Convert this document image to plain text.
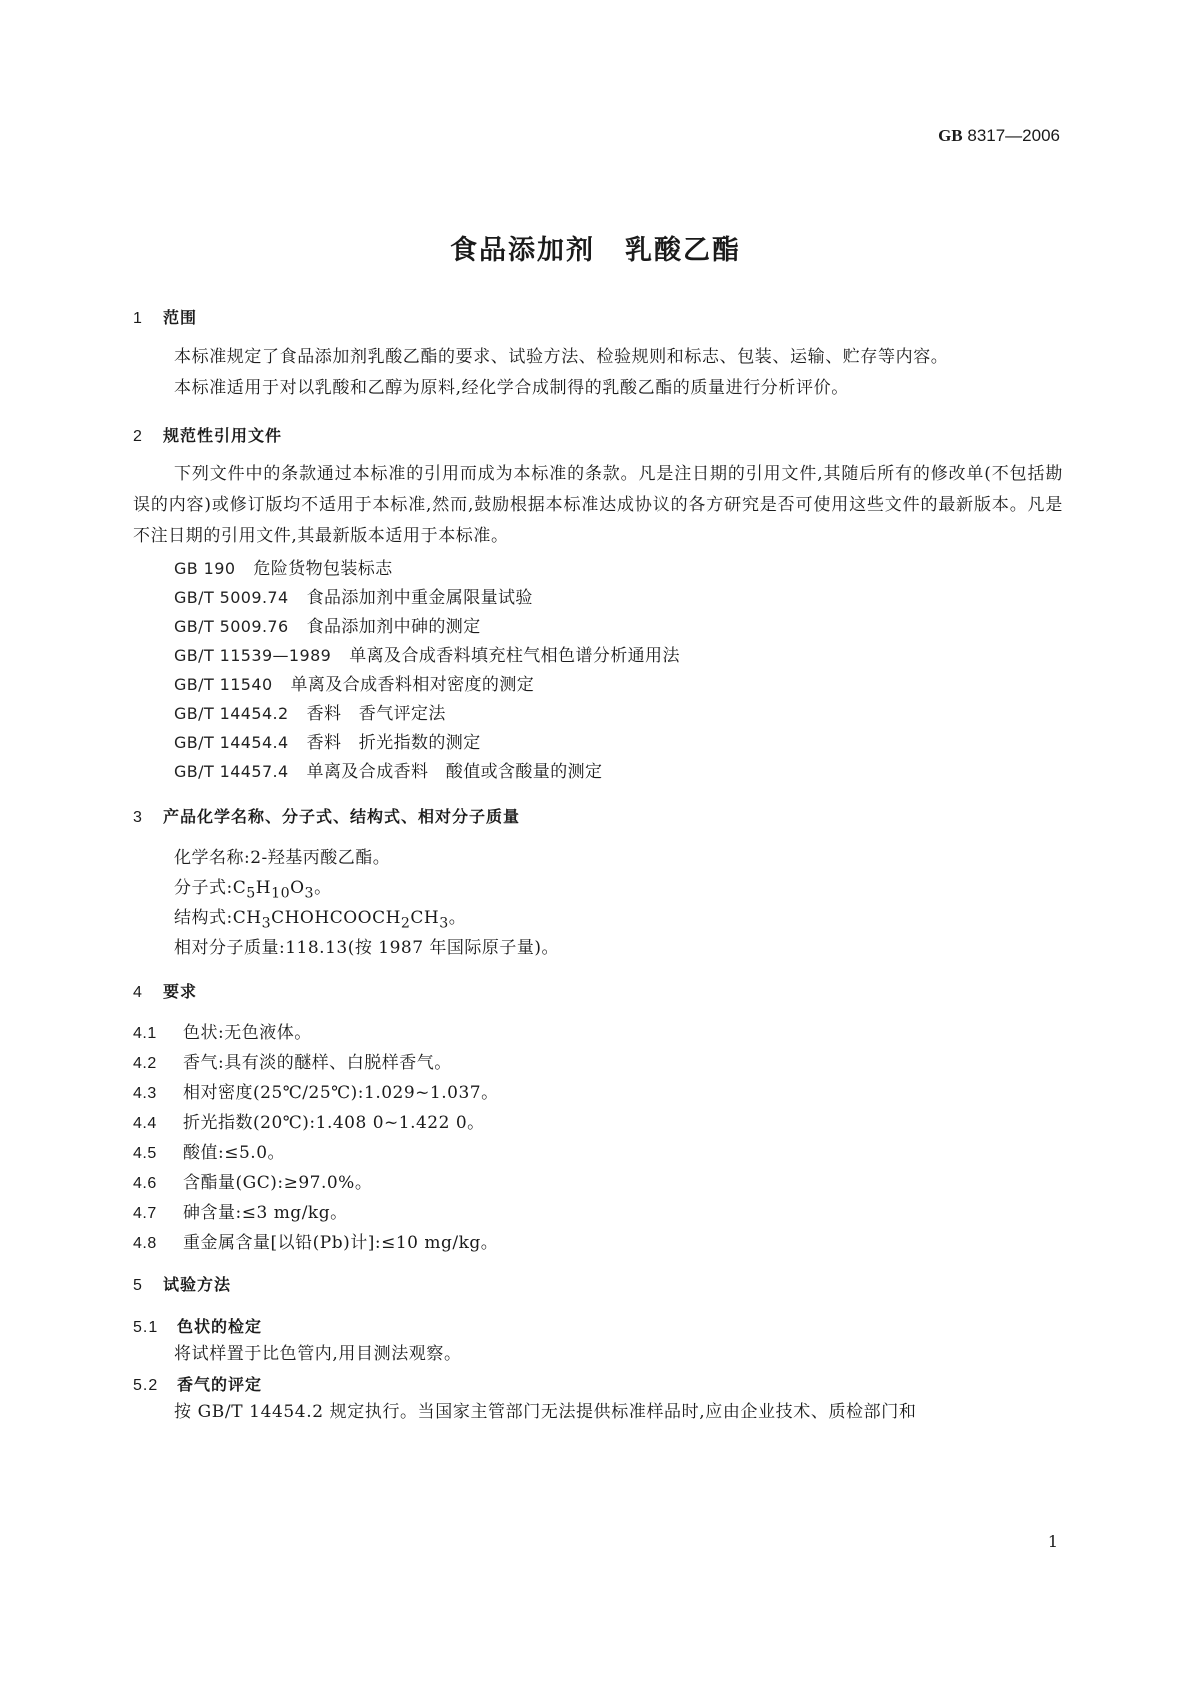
GB 8317—2006
食品添加剂 乳酸乙酯
1 范围
本标准规定了食品添加剂乳酸乙酯的要求、试验方法、检验规则和标志、包装、运输、贮存等内容。
本标准适用于对以乳酸和乙醇为原料,经化学合成制得的乳酸乙酯的质量进行分析评价。
2 规范性引用文件
下列文件中的条款通过本标准的引用而成为本标准的条款。凡是注日期的引用文件,其随后所有的修改单(不包括勘误的内容)或修订版均不适用于本标准,然而,鼓励根据本标准达成协议的各方研究是否可使用这些文件的最新版本。凡是不注日期的引用文件,其最新版本适用于本标准。
GB 190 危险货物包装标志
GB/T 5009.74 食品添加剂中重金属限量试验
GB/T 5009.76 食品添加剂中砷的测定
GB/T 11539—1989 单离及合成香料填充柱气相色谱分析通用法
GB/T 11540 单离及合成香料相对密度的测定
GB/T 14454.2 香料　香气评定法
GB/T 14454.4 香料　折光指数的测定
GB/T 14457.4 单离及合成香料　酸值或含酸量的测定
3 产品化学名称、分子式、结构式、相对分子质量
化学名称:2-羟基丙酸乙酯。
分子式$:C_5H_{10}O_3$。
结构式$:CH_3CHOHCOOCH_2CH_3$。
相对分子质量:118.13(按 1987 年国际原子量)。
4 要求
4.1 色状:无色液体。
4.2 香气:具有淡的醚样、白脱样香气。
4.3 相对密度(25℃/25℃):1.029~1.037。
4.4 折光指数(20℃):1.408 0~1.422 0。
4.5 酸值:≤5.0。
4.6 含酯量(GC):≥97.0%。
4.7 砷含量:≤3 mg/kg。
4.8 重金属含量[以铅(Pb)计]:≤10 mg/kg。
5 试验方法
5.1 色状的检定
将试样置于比色管内,用目测法观察。
5.2 香气的评定
按 GB/T 14454.2 规定执行。当国家主管部门无法提供标准样品时,应由企业技术、质检部门和
1
